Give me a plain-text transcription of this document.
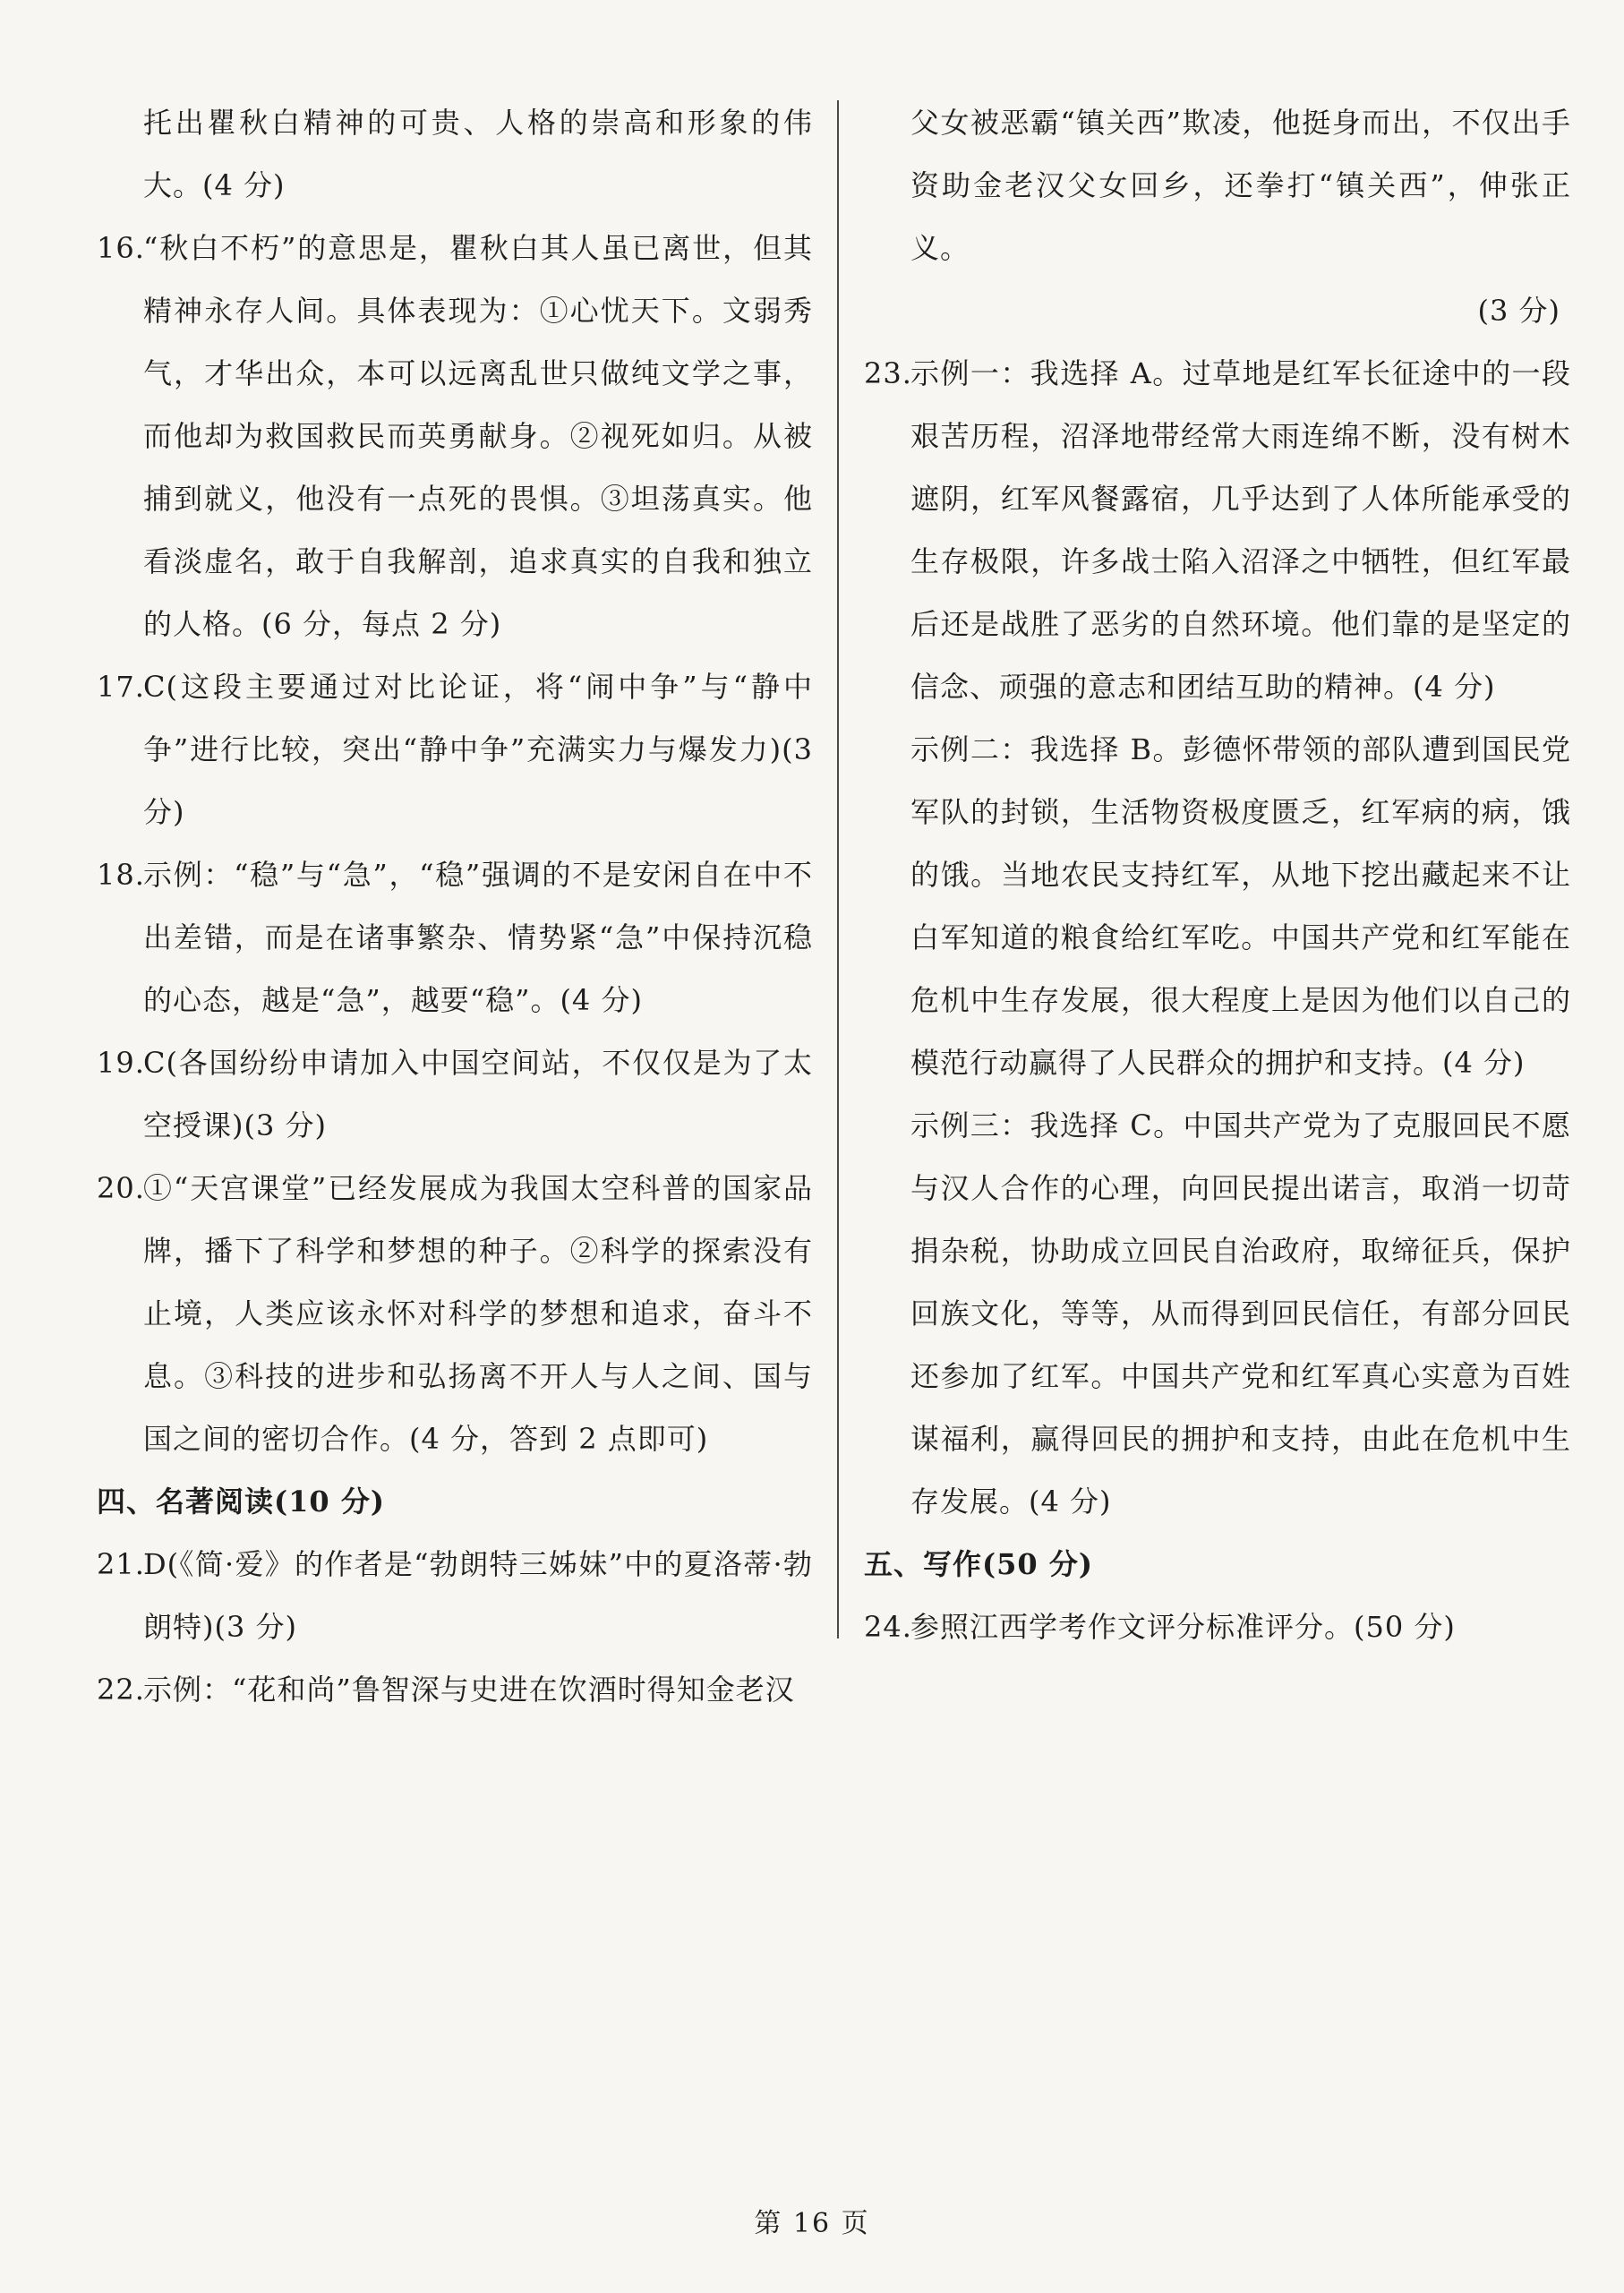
托出瞿秋白精神的可贵、人格的崇高和形象的伟大。(4 分)

16.
“秋白不朽”的意思是，瞿秋白其人虽已离世，但其精神永存人间。具体表现为：①心忧天下。文弱秀气，才华出众，本可以远离乱世只做纯文学之事，而他却为救国救民而英勇献身。②视死如归。从被捕到就义，他没有一点死的畏惧。③坦荡真实。他看淡虚名，敢于自我解剖，追求真实的自我和独立的人格。(6 分，每点 2 分)

17.
C(这段主要通过对比论证，将“闹中争”与“静中争”进行比较，突出“静中争”充满实力与爆发力)(3 分)

18.
示例：“稳”与“急”，“稳”强调的不是安闲自在中不出差错，而是在诸事繁杂、情势紧“急”中保持沉稳的心态，越是“急”，越要“稳”。(4 分)

19.
C(各国纷纷申请加入中国空间站，不仅仅是为了太空授课)(3 分)

20.
①“天宫课堂”已经发展成为我国太空科普的国家品牌，播下了科学和梦想的种子。②科学的探索没有止境，人类应该永怀对科学的梦想和追求，奋斗不息。③科技的进步和弘扬离不开人与人之间、国与国之间的密切合作。(4 分，答到 2 点即可)

四、名著阅读(10 分)

21.
D(《简·爱》的作者是“勃朗特三姊妹”中的夏洛蒂·勃朗特)(3 分)

22.
示例：“花和尚”鲁智深与史进在饮酒时得知金老汉

父女被恶霸“镇关西”欺凌，他挺身而出，不仅出手资助金老汉父女回乡，还拳打“镇关西”，伸张正义。

(3 分)

23.
示例一：我选择 A。过草地是红军长征途中的一段艰苦历程，沼泽地带经常大雨连绵不断，没有树木遮阴，红军风餐露宿，几乎达到了人体所能承受的生存极限，许多战士陷入沼泽之中牺牲，但红军最后还是战胜了恶劣的自然环境。他们靠的是坚定的信念、顽强的意志和团结互助的精神。(4 分)

示例二：我选择 B。彭德怀带领的部队遭到国民党军队的封锁，生活物资极度匮乏，红军病的病，饿的饿。当地农民支持红军，从地下挖出藏起来不让白军知道的粮食给红军吃。中国共产党和红军能在危机中生存发展，很大程度上是因为他们以自己的模范行动赢得了人民群众的拥护和支持。(4 分)

示例三：我选择 C。中国共产党为了克服回民不愿与汉人合作的心理，向回民提出诺言，取消一切苛捐杂税，协助成立回民自治政府，取缔征兵，保护回族文化，等等，从而得到回民信任，有部分回民还参加了红军。中国共产党和红军真心实意为百姓谋福利，赢得回民的拥护和支持，由此在危机中生存发展。(4 分)

五、写作(50 分)

24.
参照江西学考作文评分标准评分。(50 分)

第 16 页
